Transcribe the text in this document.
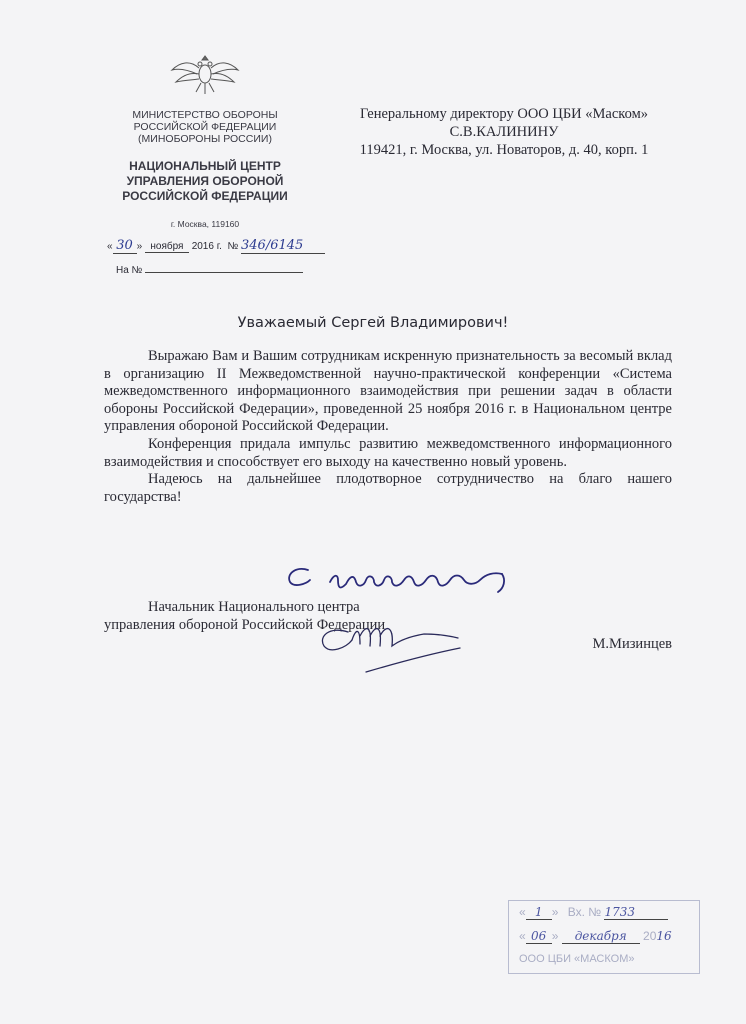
МИНИСТЕРСТВО ОБОРОНЫ
РОССИЙСКОЙ ФЕДЕРАЦИИ
(МИНОБОРОНЫ РОССИИ)
НАЦИОНАЛЬНЫЙ ЦЕНТР
УПРАВЛЕНИЯ ОБОРОНОЙ
РОССИЙСКОЙ ФЕДЕРАЦИИ
г. Москва, 119160
« 30 » ноября 2016 г. № 346/6145
На №
Генеральному директору ООО ЦБИ «Маском»
С.В.КАЛИНИНУ
119421, г. Москва, ул. Новаторов, д. 40, корп. 1
Уважаемый Сергей Владимирович!

Выражаю Вам и Вашим сотрудникам искренную признательность за весомый вклад в организацию II Межведомственной научно-практической конференции «Система межведомственного информационного взаимодействия при решении задач в области обороны Российской Федерации», проведенной 25 ноября 2016 г. в Национальном центре управления обороной Российской Федерации.

Конференция придала импульс развитию межведомственного информационного взаимодействия и способствует его выходу на качественно новый уровень.

Надеюсь на дальнейшее плодотворное сотрудничество на благо нашего государства!

Начальник Национального центра
управления обороной Российской Федерации
М.Мизинцев
« 1 » Вх. № 1733
« 06 » декабря 2016
ООО ЦБИ «МАСКОМ»
